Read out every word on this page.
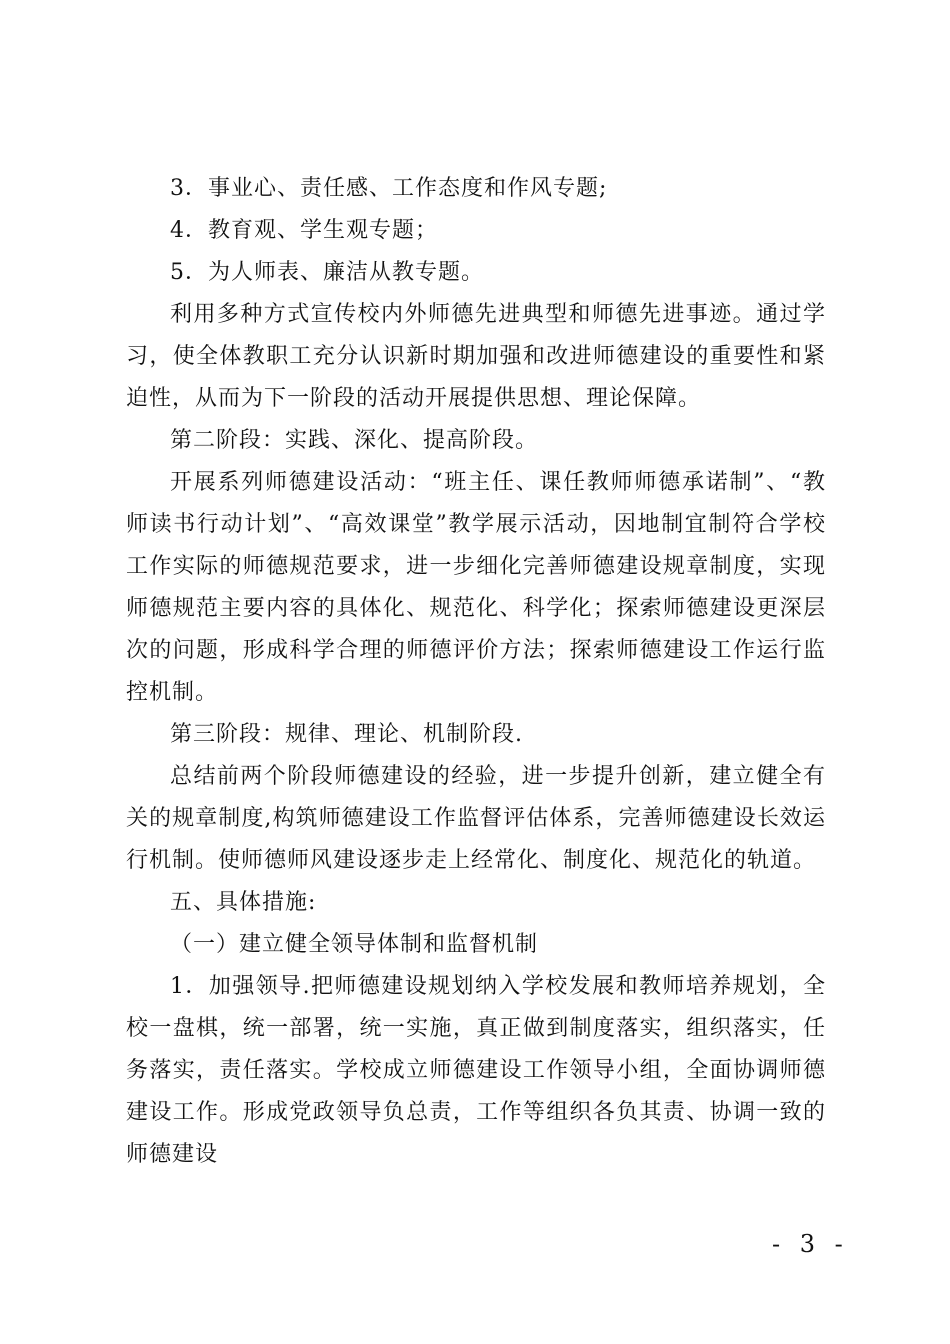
3．事业心、责任感、工作态度和作风专题;

4．教育观、学生观专题；

5．为人师表、廉洁从教专题。

利用多种方式宣传校内外师德先进典型和师德先进事迹。通过学习，使全体教职工充分认识新时期加强和改进师德建设的重要性和紧迫性，从而为下一阶段的活动开展提供思想、理论保障。

第二阶段：实践、深化、提高阶段。

开展系列师德建设活动：“班主任、课任教师师德承诺制”、“教师读书行动计划”、“高效课堂”教学展示活动，因地制宜制符合学校工作实际的师德规范要求，进一步细化完善师德建设规章制度，实现师德规范主要内容的具体化、规范化、科学化；探索师德建设更深层次的问题，形成科学合理的师德评价方法；探索师德建设工作运行监控机制。

第三阶段：规律、理论、机制阶段.

总结前两个阶段师德建设的经验，进一步提升创新，建立健全有关的规章制度,构筑师德建设工作监督评估体系，完善师德建设长效运行机制。使师德师风建设逐步走上经常化、制度化、规范化的轨道。

五、具体措施:

（一）建立健全领导体制和监督机制

1．加强领导.把师德建设规划纳入学校发展和教师培养规划，全校一盘棋，统一部署，统一实施，真正做到制度落实，组织落实，任务落实，责任落实。学校成立师德建设工作领导小组，全面协调师德建设工作。形成党政领导负总责，工作等组织各负其责、协调一致的师德建设

- 3 -
